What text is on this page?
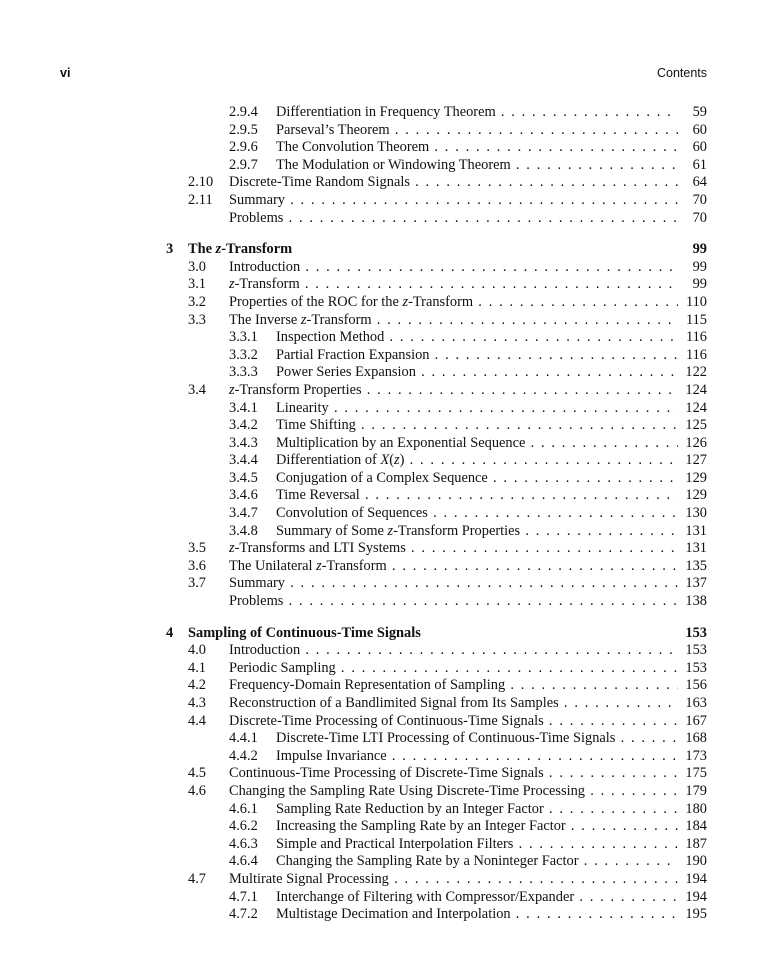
vi	Contents
2.9.4 Differentiation in Frequency Theorem . . .	59
2.9.5 Parseval’s Theorem . . .	60
2.9.6 The Convolution Theorem . . .	60
2.9.7 The Modulation or Windowing Theorem . . .	61
2.10 Discrete-Time Random Signals . . .	64
2.11 Summary . . .	70
Problems . . .	70
3 The z-Transform	99
3.0 Introduction . . .	99
3.1 z-Transform . . .	99
3.2 Properties of the ROC for the z-Transform . . .	110
3.3 The Inverse z-Transform . . .	115
3.3.1 Inspection Method . . .	116
3.3.2 Partial Fraction Expansion . . .	116
3.3.3 Power Series Expansion . . .	122
3.4 z-Transform Properties . . .	124
3.4.1 Linearity . . .	124
3.4.2 Time Shifting . . .	125
3.4.3 Multiplication by an Exponential Sequence . . .	126
3.4.4 Differentiation of X(z) . . .	127
3.4.5 Conjugation of a Complex Sequence . . .	129
3.4.6 Time Reversal . . .	129
3.4.7 Convolution of Sequences . . .	130
3.4.8 Summary of Some z-Transform Properties . . .	131
3.5 z-Transforms and LTI Systems . . .	131
3.6 The Unilateral z-Transform . . .	135
3.7 Summary . . .	137
Problems . . .	138
4 Sampling of Continuous-Time Signals	153
4.0 Introduction . . .	153
4.1 Periodic Sampling . . .	153
4.2 Frequency-Domain Representation of Sampling . . .	156
4.3 Reconstruction of a Bandlimited Signal from Its Samples . . .	163
4.4 Discrete-Time Processing of Continuous-Time Signals . . .	167
4.4.1 Discrete-Time LTI Processing of Continuous-Time Signals . . .	168
4.4.2 Impulse Invariance . . .	173
4.5 Continuous-Time Processing of Discrete-Time Signals . . .	175
4.6 Changing the Sampling Rate Using Discrete-Time Processing . . .	179
4.6.1 Sampling Rate Reduction by an Integer Factor . . .	180
4.6.2 Increasing the Sampling Rate by an Integer Factor . . .	184
4.6.3 Simple and Practical Interpolation Filters . . .	187
4.6.4 Changing the Sampling Rate by a Noninteger Factor . . .	190
4.7 Multirate Signal Processing . . .	194
4.7.1 Interchange of Filtering with Compressor/Expander . . .	194
4.7.2 Multistage Decimation and Interpolation . . .	195
